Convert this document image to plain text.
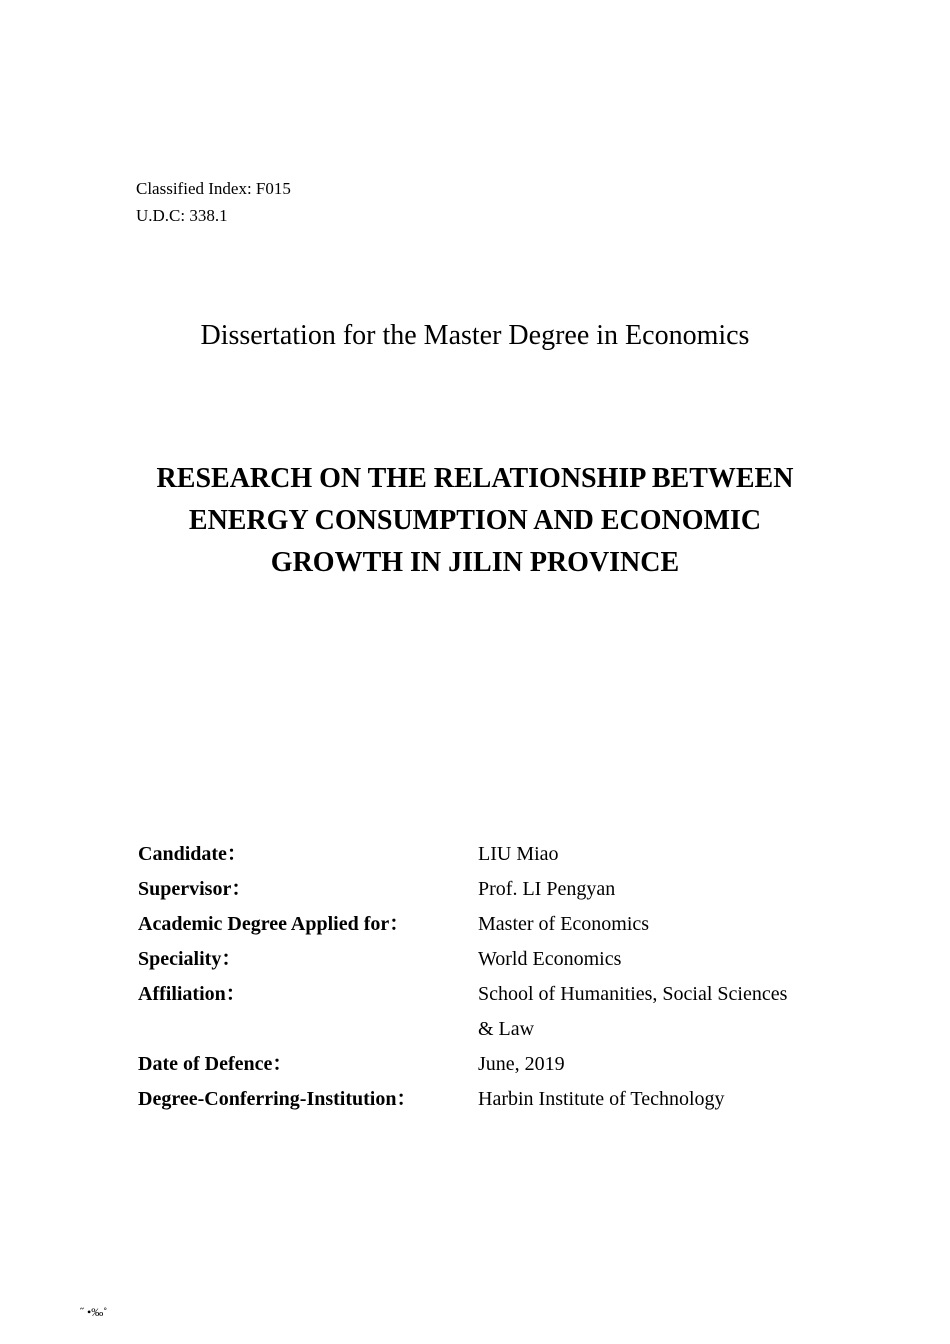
Classified Index: F015
U.D.C: 338.1
Dissertation for the Master Degree in Economics
RESEARCH ON THE RELATIONSHIP BETWEEN
ENERGY CONSUMPTION AND ECONOMIC
GROWTH IN JILIN PROVINCE
Candidate：	LIU Miao
Supervisor：	Prof. LI Pengyan
Academic Degree Applied for：	Master of Economics
Speciality：	World Economics
Affiliation：	School of Humanities, Social Sciences
& Law
Date of Defence：	June, 2019
Degree-Conferring-Institution：	Harbin Institute of Technology
˝ •‰˚
